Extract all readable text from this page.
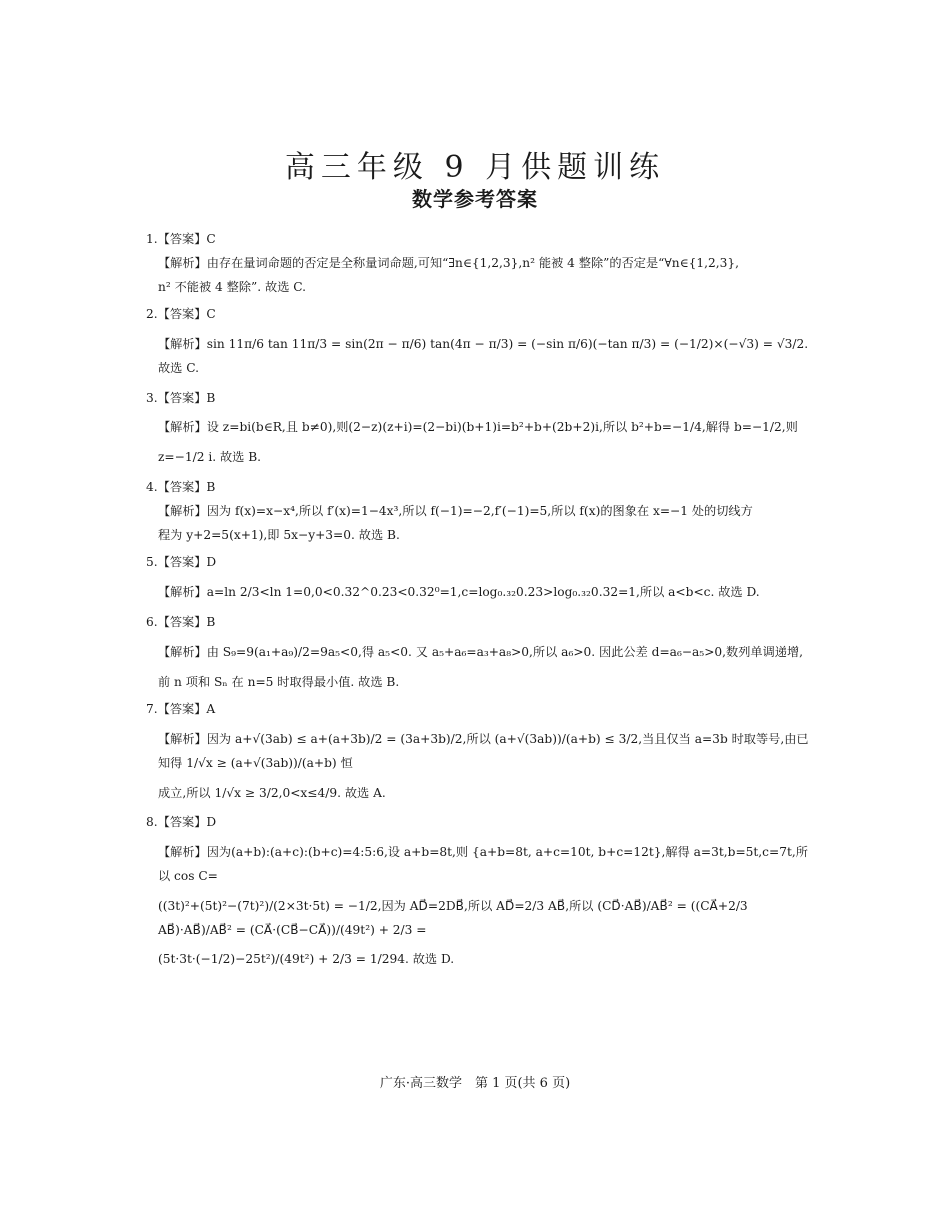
高三年级 9 月供题训练
数学参考答案

1.【答案】C

【解析】由存在量词命题的否定是全称量词命题,可知“∃n∈{1,2,3},n² 能被 4 整除”的否定是“∀n∈{1,2,3},

n² 不能被 4 整除”. 故选 C.

2.【答案】C

【解析】sin 11π/6 tan 11π/3 = sin(2π − π/6) tan(4π − π/3) = (−sin π/6)(−tan π/3) = (−1/2)×(−√3) = √3/2. 故选 C.

3.【答案】B

【解析】设 z=bi(b∈R,且 b≠0),则(2−z)(z+i)=(2−bi)(b+1)i=b²+b+(2b+2)i,所以 b²+b=−1/4,解得 b=−1/2,则

z=−1/2 i. 故选 B.

4.【答案】B

【解析】因为 f(x)=x−x⁴,所以 f′(x)=1−4x³,所以 f(−1)=−2,f′(−1)=5,所以 f(x)的图象在 x=−1 处的切线方

程为 y+2=5(x+1),即 5x−y+3=0. 故选 B.

5.【答案】D

【解析】a=ln 2/3<ln 1=0,0<0.32^0.23<0.32⁰=1,c=log₀.₃₂0.23>log₀.₃₂0.32=1,所以 a<b<c. 故选 D.

6.【答案】B

【解析】由 S₉=9(a₁+a₉)/2=9a₅<0,得 a₅<0. 又 a₅+a₆=a₃+a₈>0,所以 a₆>0. 因此公差 d=a₆−a₅>0,数列单调递增,

前 n 项和 Sₙ 在 n=5 时取得最小值. 故选 B.

7.【答案】A

【解析】因为 a+√(3ab) ≤ a+(a+3b)/2 = (3a+3b)/2,所以 (a+√(3ab))/(a+b) ≤ 3/2,当且仅当 a=3b 时取等号,由已知得 1/√x ≥ (a+√(3ab))/(a+b) 恒

成立,所以 1/√x ≥ 3/2,0<x≤4/9. 故选 A.

8.【答案】D

【解析】因为(a+b):(a+c):(b+c)=4:5:6,设 a+b=8t,则 {a+b=8t, a+c=10t, b+c=12t},解得 a=3t,b=5t,c=7t,所以 cos C=

((3t)²+(5t)²−(7t)²)/(2×3t·5t) = −1/2,因为 AD⃗=2DB⃗,所以 AD⃗=2/3 AB⃗,所以 (CD⃗·AB⃗)/AB⃗² = ((CA⃗+2/3 AB⃗)·AB⃗)/AB⃗² = (CA⃗·(CB⃗−CA⃗))/(49t²) + 2/3 =

(5t·3t·(−1/2)−25t²)/(49t²) + 2/3 = 1/294. 故选 D.

广东·高三数学　第 1 页(共 6 页)
